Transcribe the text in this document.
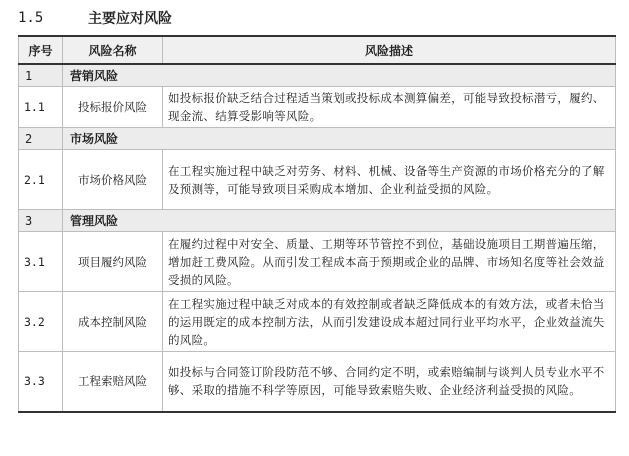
1.5	主要应对风险
序号	风险名称	风险描述
1	营销风险	
1.1	投标报价风险	如投标报价缺乏结合过程适当策划或投标成本测算偏差，可能导致投标潜亏，履约、现金流、结算受影响等风险。
2	市场风险	
2.1	市场价格风险	在工程实施过程中缺乏对劳务、材料、机械、设备等生产资源的市场价格充分的了解及预测等，可能导致项目采购成本增加、企业利益受损的风险。
3	管理风险	
3.1	项目履约风险	在履约过程中对安全、质量、工期等环节管控不到位，基础设施项目工期普遍压缩，增加赶工费风险。从而引发工程成本高于预期或企业的品牌、市场知名度等社会效益受损的风险。
3.2	成本控制风险	在工程实施过程中缺乏对成本的有效控制或者缺乏降低成本的有效方法，或者未恰当的运用既定的成本控制方法，从而引发建设成本超过同行业平均水平，企业效益流失的风险。
3.3	工程索赔风险	如投标与合同签订阶段防范不够、合同约定不明，或索赔编制与谈判人员专业水平不够、采取的措施不科学等原因，可能导致索赔失败、企业经济利益受损的风险。
